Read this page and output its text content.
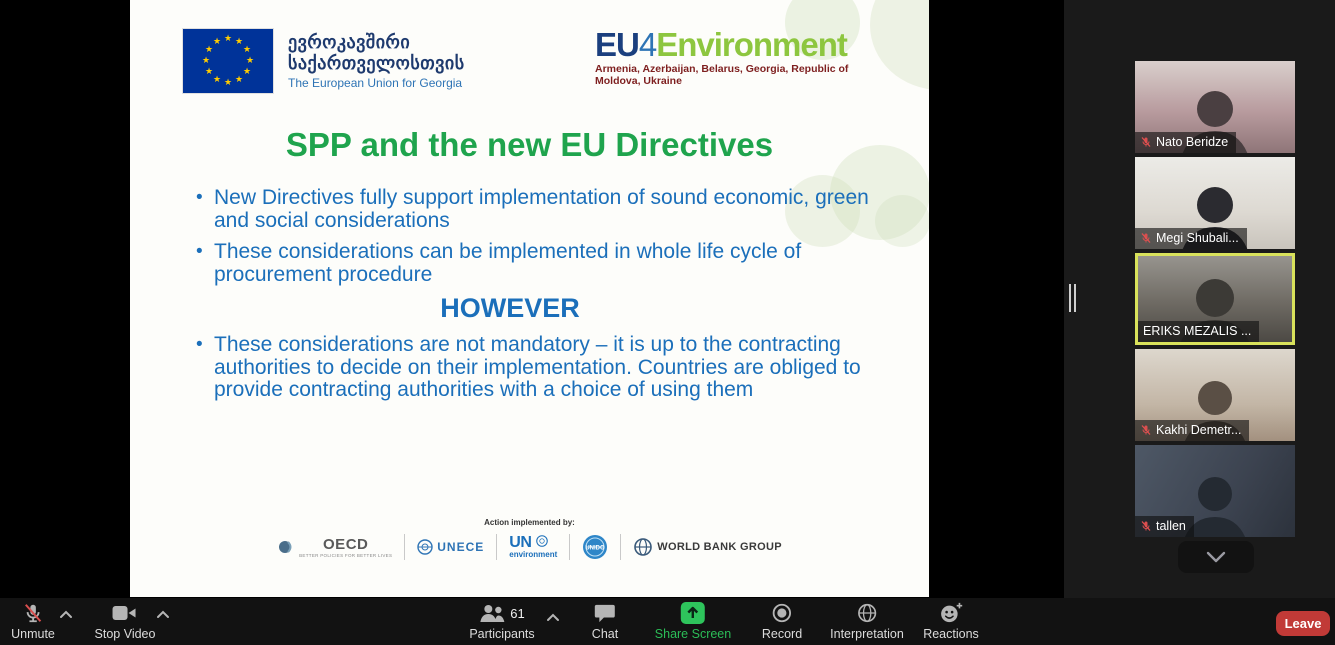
★ ★
★
★
★
★
★
★
★
★
★
★	ევროკავშირი
საქართველოსთვის
The European Union for Georgia
EU4Environment
Armenia, Azerbaijan, Belarus, Georgia, Republic of Moldova, Ukraine
SPP and the new EU Directives
• New Directives fully support implementation of sound economic, green and social considerations
• These considerations can be implemented in whole life cycle of procurement procedure
HOWEVER
• These considerations are not mandatory – it is up to the contracting authorities to decide on their implementation. Countries are obliged to provide contracting authorities with a choice of using them
Action implemented by:
OECD
BETTER POLICIES FOR BETTER LIVES
UNECE UN
environment
UNIDO	WORLD BANK GROUP
Nato Beridze
Megi Shubali...
ERIKS MEZALIS ...
Kakhi Demetr...
tallen
Unmute	Stop Video
61
Participants	Chat	Share Screen Record Interpretation Reactions
Leave
